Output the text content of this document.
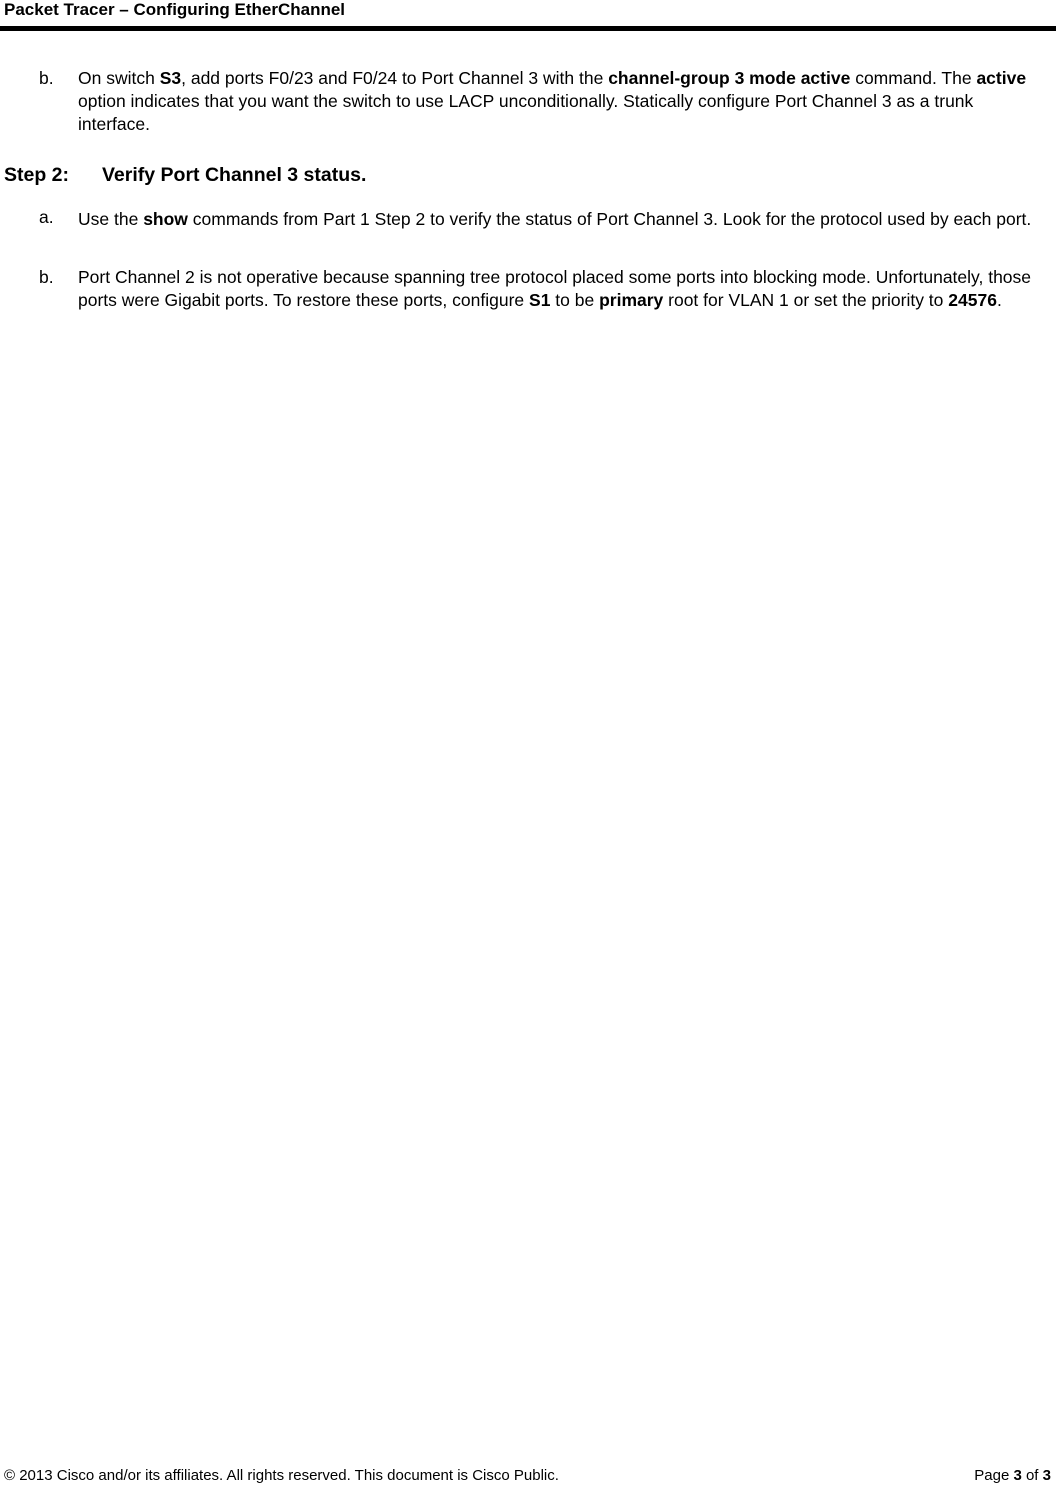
Packet Tracer – Configuring EtherChannel
b. On switch S3, add ports F0/23 and F0/24 to Port Channel 3 with the channel-group 3 mode active command. The active option indicates that you want the switch to use LACP unconditionally. Statically configure Port Channel 3 as a trunk interface.
Step 2: Verify Port Channel 3 status.
a. Use the show commands from Part 1 Step 2 to verify the status of Port Channel 3. Look for the protocol used by each port.
b. Port Channel 2 is not operative because spanning tree protocol placed some ports into blocking mode. Unfortunately, those ports were Gigabit ports. To restore these ports, configure S1 to be primary root for VLAN 1 or set the priority to 24576.
© 2013 Cisco and/or its affiliates. All rights reserved. This document is Cisco Public.	Page 3 of 3
